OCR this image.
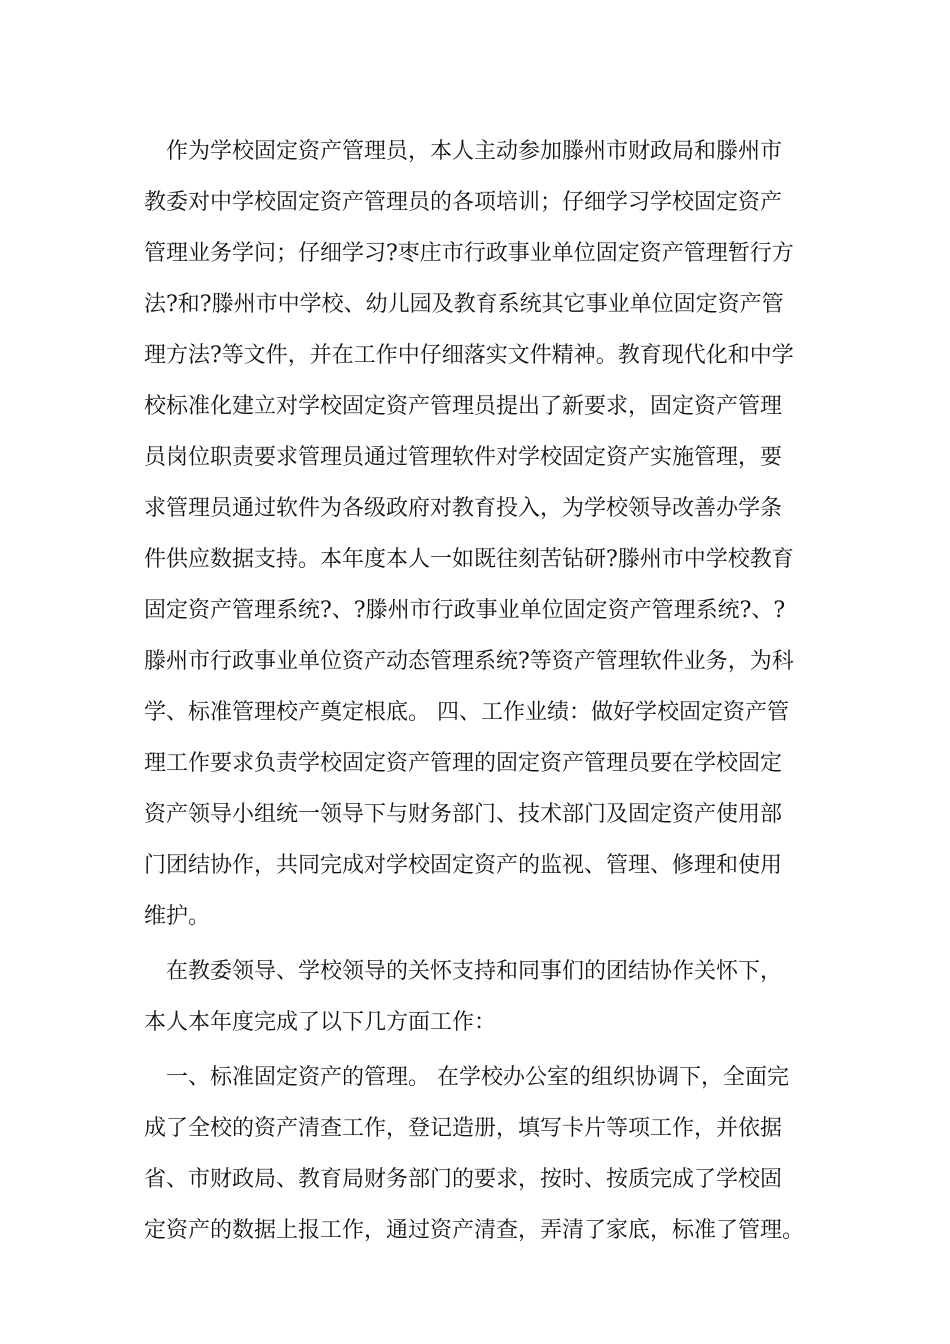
　作为学校固定资产管理员，本人主动参加滕州市财政局和滕州市
教委对中学校固定资产管理员的各项培训；仔细学习学校固定资产
管理业务学问；仔细学习?枣庄市行政事业单位固定资产管理暂行方
法?和?滕州市中学校、幼儿园及教育系统其它事业单位固定资产管
理方法?等文件，并在工作中仔细落实文件精神。教育现代化和中学
校标准化建立对学校固定资产管理员提出了新要求，固定资产管理
员岗位职责要求管理员通过管理软件对学校固定资产实施管理，要
求管理员通过软件为各级政府对教育投入，为学校领导改善办学条
件供应数据支持。本年度本人一如既往刻苦钻研?滕州市中学校教育
固定资产管理系统?、?滕州市行政事业单位固定资产管理系统?、?
滕州市行政事业单位资产动态管理系统?等资产管理软件业务，为科
学、标准管理校产奠定根底。 四、工作业绩：做好学校固定资产管
理工作要求负责学校固定资产管理的固定资产管理员要在学校固定
资产领导小组统一领导下与财务部门、技术部门及固定资产使用部
门团结协作，共同完成对学校固定资产的监视、管理、修理和使用
维护。
　在教委领导、学校领导的关怀支持和同事们的团结协作关怀下，
本人本年度完成了以下几方面工作：
　一、标准固定资产的管理。 在学校办公室的组织协调下，全面完
成了全校的资产清查工作，登记造册，填写卡片等项工作，并依据
省、市财政局、教育局财务部门的要求，按时、按质完成了学校固
定资产的数据上报工作，通过资产清查，弄清了家底，标准了管理。
